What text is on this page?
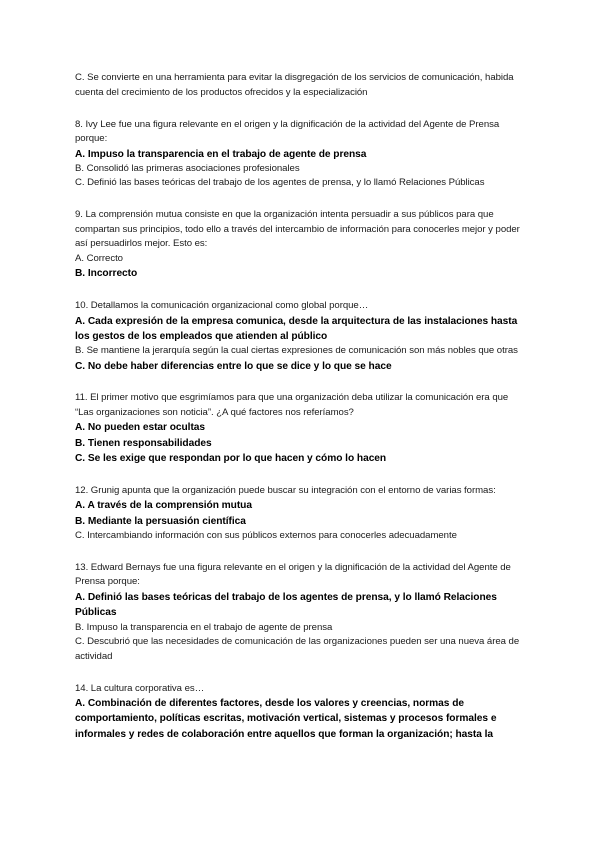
C. Se convierte en una herramienta para evitar la disgregación de los servicios de comunicación, habida cuenta del crecimiento de los productos ofrecidos y la especialización
8. Ivy Lee fue una figura relevante en el origen y la dignificación de la actividad del Agente de Prensa porque:
A. Impuso la transparencia en el trabajo de agente de prensa
B. Consolidó las primeras asociaciones profesionales
C. Definió las bases teóricas del trabajo de los agentes de prensa, y lo llamó Relaciones Públicas
9. La comprensión mutua consiste en que la organización intenta persuadir a sus públicos para que compartan sus principios, todo ello a través del intercambio de información para conocerles mejor y poder así persuadirlos mejor. Esto es:
A. Correcto
B. Incorrecto
10. Detallamos la comunicación organizacional como global porque…
A. Cada expresión de la empresa comunica, desde la arquitectura de las instalaciones hasta los gestos de los empleados que atienden al público
B. Se mantiene la jerarquía según la cual ciertas expresiones de comunicación son más nobles que otras
C. No debe haber diferencias entre lo que se dice y lo que se hace
11. El primer motivo que esgrimíamos para que una organización deba utilizar la comunicación era que “Las organizaciones son noticia”. ¿A qué factores nos referíamos?
A. No pueden estar ocultas
B. Tienen responsabilidades
C. Se les exige que respondan por lo que hacen y cómo lo hacen
12. Grunig apunta que la organización puede buscar su integración con el entorno de varias formas:
A. A través de la comprensión mutua
B. Mediante la persuasión científica
C. Intercambiando información con sus públicos externos para conocerles adecuadamente
13. Edward Bernays fue una figura relevante en el origen y la dignificación de la actividad del Agente de Prensa porque:
A. Definió las bases teóricas del trabajo de los agentes de prensa, y lo llamó Relaciones Públicas
B. Impuso la transparencia en el trabajo de agente de prensa
C. Descubrió que las necesidades de comunicación de las organizaciones pueden ser una nueva área de actividad
14. La cultura corporativa es…
A. Combinación de diferentes factores, desde los valores y creencias, normas de comportamiento, políticas escritas, motivación vertical, sistemas y procesos formales e informales y redes de colaboración entre aquellos que forman la organización; hasta la
